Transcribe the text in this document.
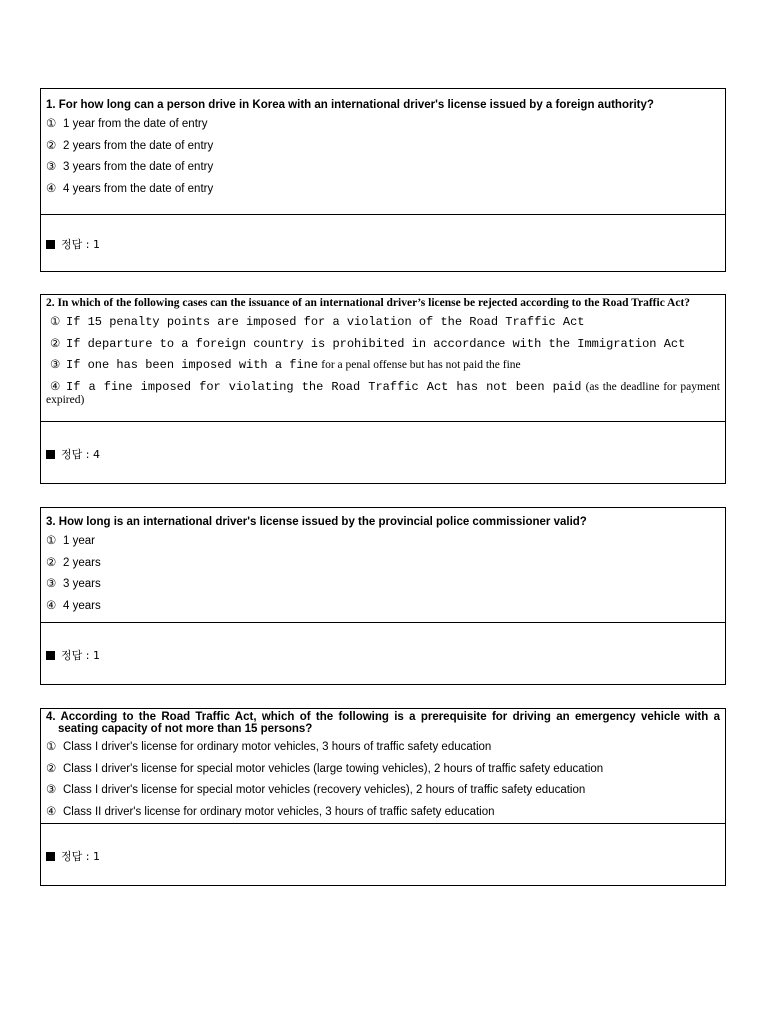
1. For how long can a person drive in Korea with an international driver's license issued by a foreign authority?
① 1 year from the date of entry
② 2 years from the date of entry
③ 3 years from the date of entry
④ 4 years from the date of entry
정답 : 1
2. In which of the following cases can the issuance of an international driver’s license be rejected according to the Road Traffic Act?
① If 15 penalty points are imposed for a violation of the Road Traffic Act
② If departure to a foreign country is prohibited in accordance with the Immigration Act
③ If one has been imposed with a fine for a penal offense but has not paid the fine
④ If a fine imposed for violating the Road Traffic Act has not been paid (as the deadline for payment expired)
정답 : 4
3. How long is an international driver's license issued by the provincial police commissioner valid?
① 1 year
② 2 years
③ 3 years
④ 4 years
정답 : 1
4. According to the Road Traffic Act, which of the following is a prerequisite for driving an emergency vehicle with a seating capacity of not more than 15 persons?
① Class I driver's license for ordinary motor vehicles, 3 hours of traffic safety education
② Class I driver's license for special motor vehicles (large towing vehicles), 2 hours of traffic safety education
③ Class I driver's license for special motor vehicles (recovery vehicles), 2 hours of traffic safety education
④ Class II driver's license for ordinary motor vehicles, 3 hours of traffic safety education
정답 : 1
